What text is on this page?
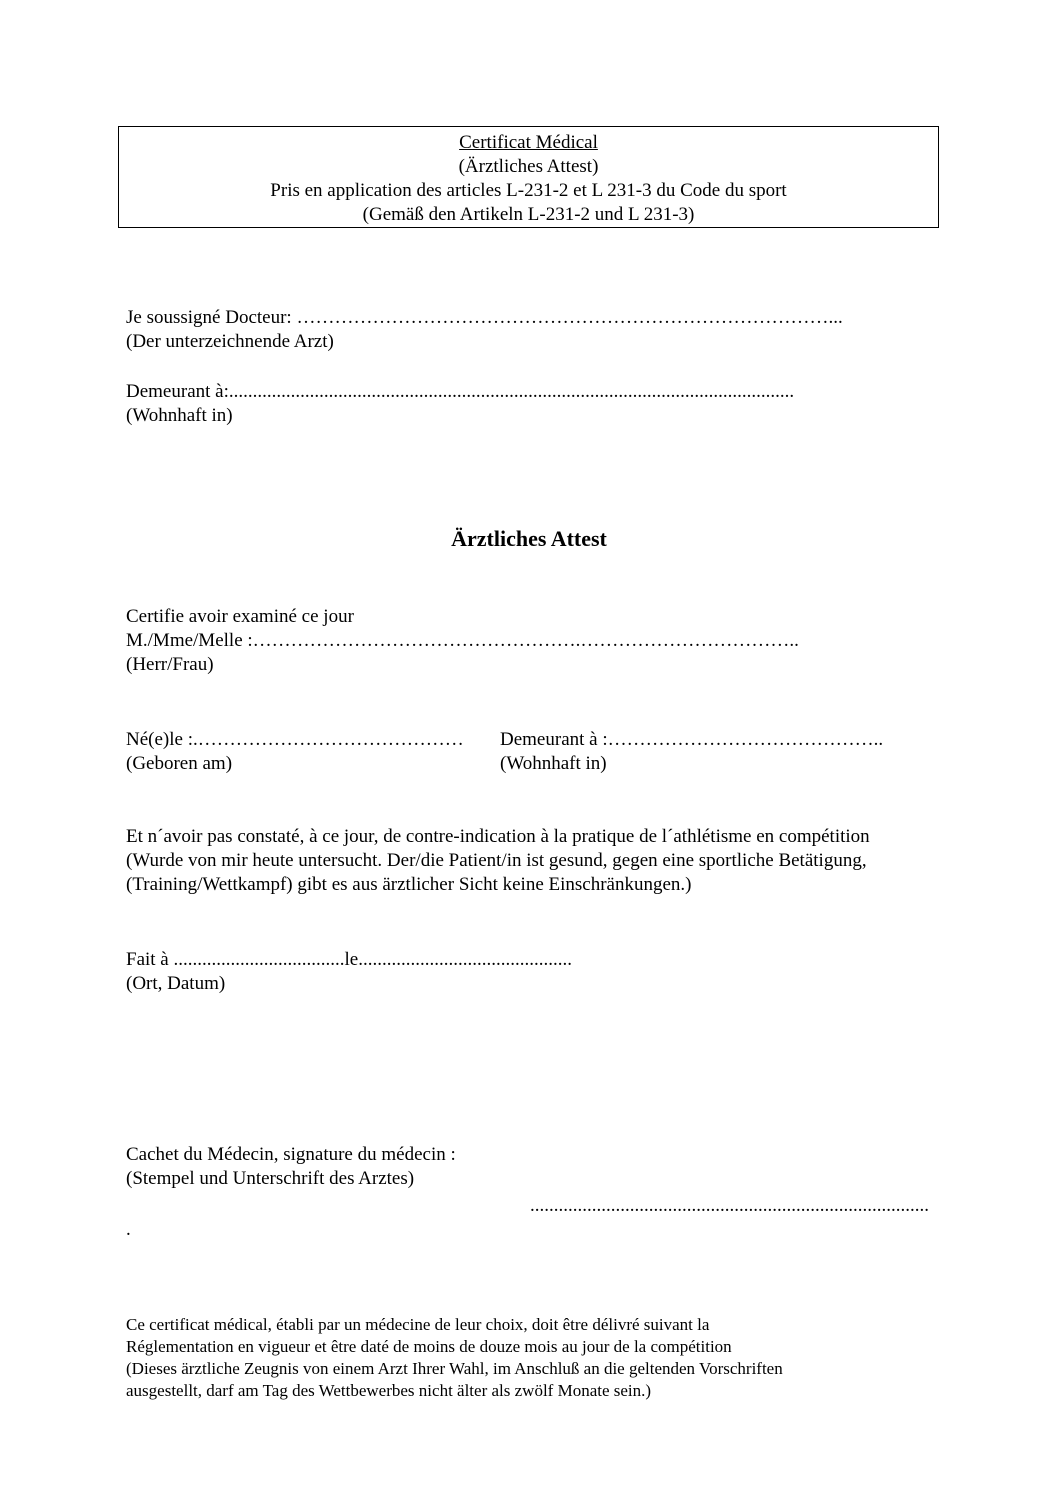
Certificat Médical
(Ärztliches Attest)
Pris en application des articles L-231-2 et L 231-3 du Code du sport
(Gemäß den Artikeln L-231-2 und L 231-3)
Je soussigné Docteur: …………………………………………………………………………...
(Der unterzeichnende Arzt)
Demeurant à:.......................................................................................................................
(Wohnhaft in)
Ärztliches Attest
Certifie avoir examiné ce jour
M./Mme/Melle :…………………………………………….……………………………..
(Herr/Frau)
Né(e)le :.……………………………………
(Geboren am)
Demeurant à :……………………………………..
(Wohnhaft in)
Et n´avoir pas constaté, à ce jour, de contre-indication à la pratique de l´athlétisme en compétition
(Wurde von mir heute untersucht. Der/die Patient/in ist gesund, gegen eine sportliche Betätigung,
(Training/Wettkampf) gibt es aus ärztlicher Sicht keine Einschränkungen.)
Fait à ....................................le.............................................
(Ort, Datum)
Cachet du Médecin, signature du médecin :
(Stempel und Unterschrift des Arztes)
....................................................................................
.
Ce certificat médical, établi par un médecine de leur choix, doit être délivré suivant la
Réglementation en vigueur et être daté de moins de douze mois au jour de la compétition
(Dieses ärztliche Zeugnis von einem Arzt Ihrer Wahl, im Anschluß an die geltenden Vorschriften
ausgestellt, darf am Tag des Wettbewerbes nicht älter als zwölf Monate sein.)
